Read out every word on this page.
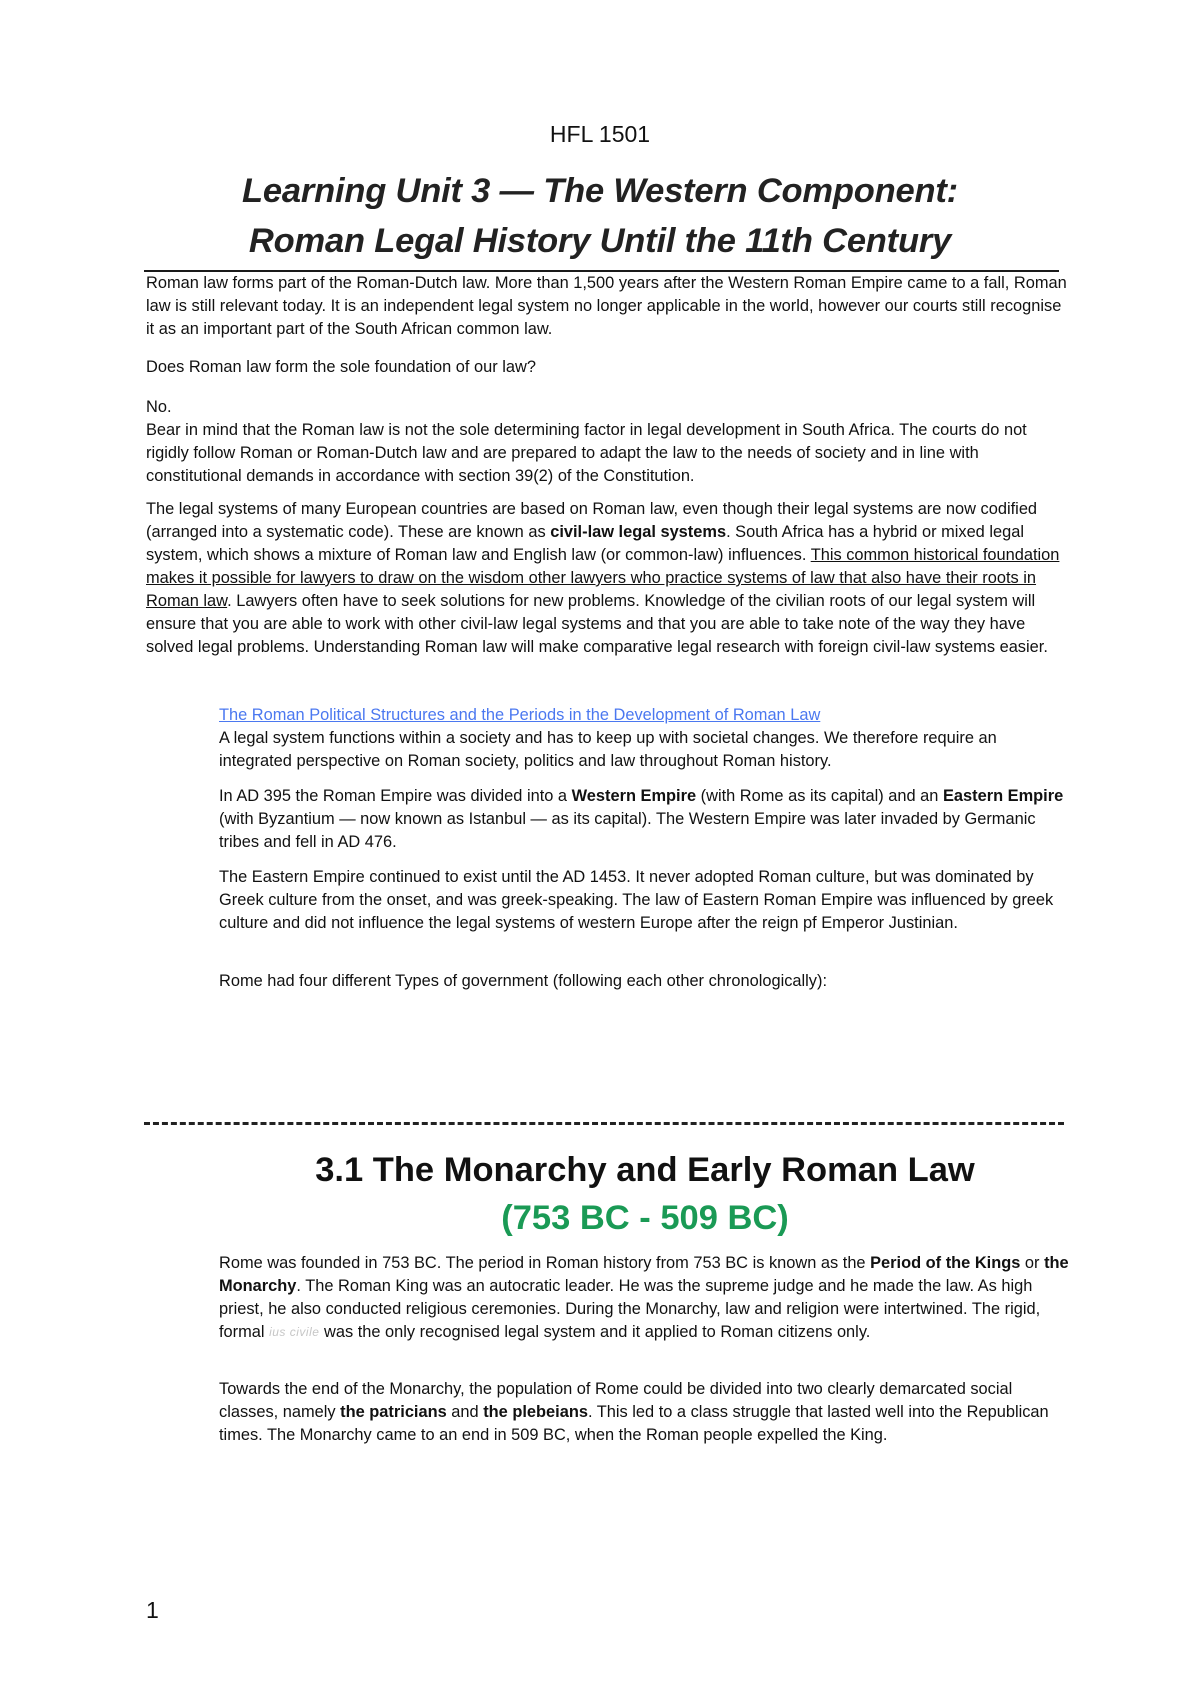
HFL 1501
Learning Unit 3 — The Western Component:
Roman Legal History Until the 11th Century

Roman law forms part of the Roman-Dutch law. More than 1,500 years after the Western Roman Empire came to a fall, Roman law is still relevant today. It is an independent legal system no longer applicable in the world, however our courts still recognise it as an important part of the South African common law.

Does Roman law form the sole foundation of our law?

No.
Bear in mind that the Roman law is not the sole determining factor in legal development in South Africa. The courts do not rigidly follow Roman or Roman-Dutch law and are prepared to adapt the law to the needs of society and in line with constitutional demands in accordance with section 39(2) of the Constitution.

The legal systems of many European countries are based on Roman law, even though their legal systems are now codified (arranged into a systematic code). These are known as civil-law legal systems. South Africa has a hybrid or mixed legal system, which shows a mixture of Roman law and English law (or common-law) influences. This common historical foundation makes it possible for lawyers to draw on the wisdom other lawyers who practice systems of law that also have their roots in Roman law. Lawyers often have to seek solutions for new problems. Knowledge of the civilian roots of our legal system will ensure that you are able to work with other civil-law legal systems and that you are able to take note of the way they have solved legal problems. Understanding Roman law will make comparative legal research with foreign civil-law systems easier.

The Roman Political Structures and the Periods in the Development of Roman Law
A legal system functions within a society and has to keep up with societal changes. We therefore require an integrated perspective on Roman society, politics and law throughout Roman history.

In AD 395 the Roman Empire was divided into a Western Empire (with Rome as its capital) and an Eastern Empire (with Byzantium — now known as Istanbul — as its capital). The Western Empire was later invaded by Germanic tribes and fell in AD 476.

The Eastern Empire continued to exist until the AD 1453. It never adopted Roman culture, but was dominated by Greek culture from the onset, and was greek-speaking. The law of Eastern Roman Empire was influenced by greek culture and did not influence the legal systems of western Europe after the reign pf Emperor Justinian.

Rome had four different Types of government (following each other chronologically):

3.1 The Monarchy and Early Roman Law
(753 BC - 509 BC)

Rome was founded in 753 BC. The period in Roman history from 753 BC is known as the Period of the Kings or the Monarchy. The Roman King was an autocratic leader. He was the supreme judge and he made the law. As high priest, he also conducted religious ceremonies. During the Monarchy, law and religion were intertwined. The rigid, formal ius civile was the only recognised legal system and it applied to Roman citizens only.

Towards the end of the Monarchy, the population of Rome could be divided into two clearly demarcated social classes, namely the patricians and the plebeians. This led to a class struggle that lasted well into the Republican times. The Monarchy came to an end in 509 BC, when the Roman people expelled the King.

1
